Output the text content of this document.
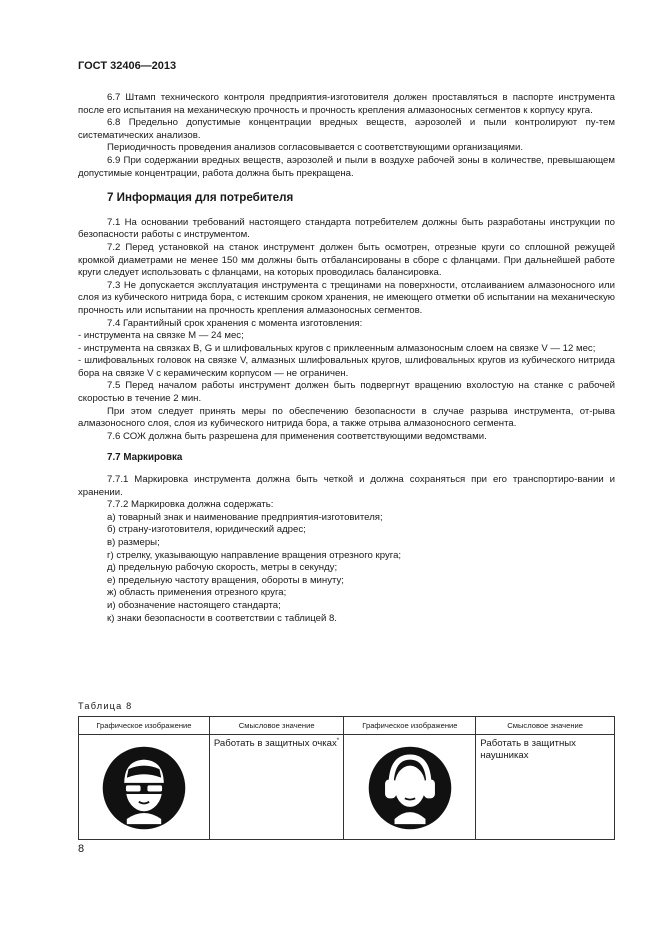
ГОСТ 32406—2013

6.7 Штамп технического контроля предприятия-изготовителя должен проставляться в паспорте инструмента после его испытания на механическую прочность и прочность крепления алмазоносных сегментов к корпусу круга.

6.8 Предельно допустимые концентрации вредных веществ, аэрозолей и пыли контролируют пу-тем систематических анализов.

Периодичность проведения анализов согласовывается с соответствующими организациями.

6.9 При содержании вредных веществ, аэрозолей и пыли в воздухе рабочей зоны в количестве, превышающем допустимые концентрации, работа должна быть прекращена.

7 Информация для потребителя

7.1 На основании требований настоящего стандарта потребителем должны быть разработаны инструкции по безопасности работы с инструментом.

7.2 Перед установкой на станок инструмент должен быть осмотрен, отрезные круги со сплошной режущей кромкой диаметрами не менее 150 мм должны быть отбалансированы в сборе с фланцами. При дальнейшей работе круги следует использовать с фланцами, на которых проводилась балансировка.

7.3 Не допускается эксплуатация инструмента с трещинами на поверхности, отслаиванием алмазоносного или слоя из кубического нитрида бора, с истекшим сроком хранения, не имеющего отметки об испытании на механическую прочность или испытании на прочность крепления алмазоносных сегментов.

7.4 Гарантийный срок хранения с момента изготовления:

- инструмента на связке M — 24 мес;

- инструмента на связках B, G и шлифовальных кругов с приклеенным алмазоносным слоем на связке V — 12 мес;

- шлифовальных головок на связке V, алмазных шлифовальных кругов, шлифовальных кругов из кубического нитрида бора на связке V с керамическим корпусом — не ограничен.

7.5 Перед началом работы инструмент должен быть подвергнут вращению вхолостую на станке с рабочей скоростью в течение 2 мин.

При этом следует принять меры по обеспечению безопасности в случае разрыва инструмента, от-рыва алмазоносного слоя, слоя из кубического нитрида бора, а также отрыва алмазоносного сегмента.

7.6 СОЖ должна быть разрешена для применения соответствующими ведомствами.

7.7 Маркировка

7.7.1 Маркировка инструмента должна быть четкой и должна сохраняться при его транспортиро-вании и хранении.

7.7.2 Маркировка должна содержать:

а) товарный знак и наименование предприятия-изготовителя;

б) страну-изготовителя, юридический адрес;

в) размеры;

г) стрелку, указывающую направление вращения отрезного круга;

д) предельную рабочую скорость, метры в секунду;

е) предельную частоту вращения, обороты в минуту;

ж) область применения отрезного круга;

и) обозначение настоящего стандарта;

к) знаки безопасности в соответствии с таблицей 8.

Таблица 8
Графическое изображение	Смысловое значение	Графическое изображение	Смысловое значение

	Работать в защитных очках*		Работать в защитных наушниках
8
